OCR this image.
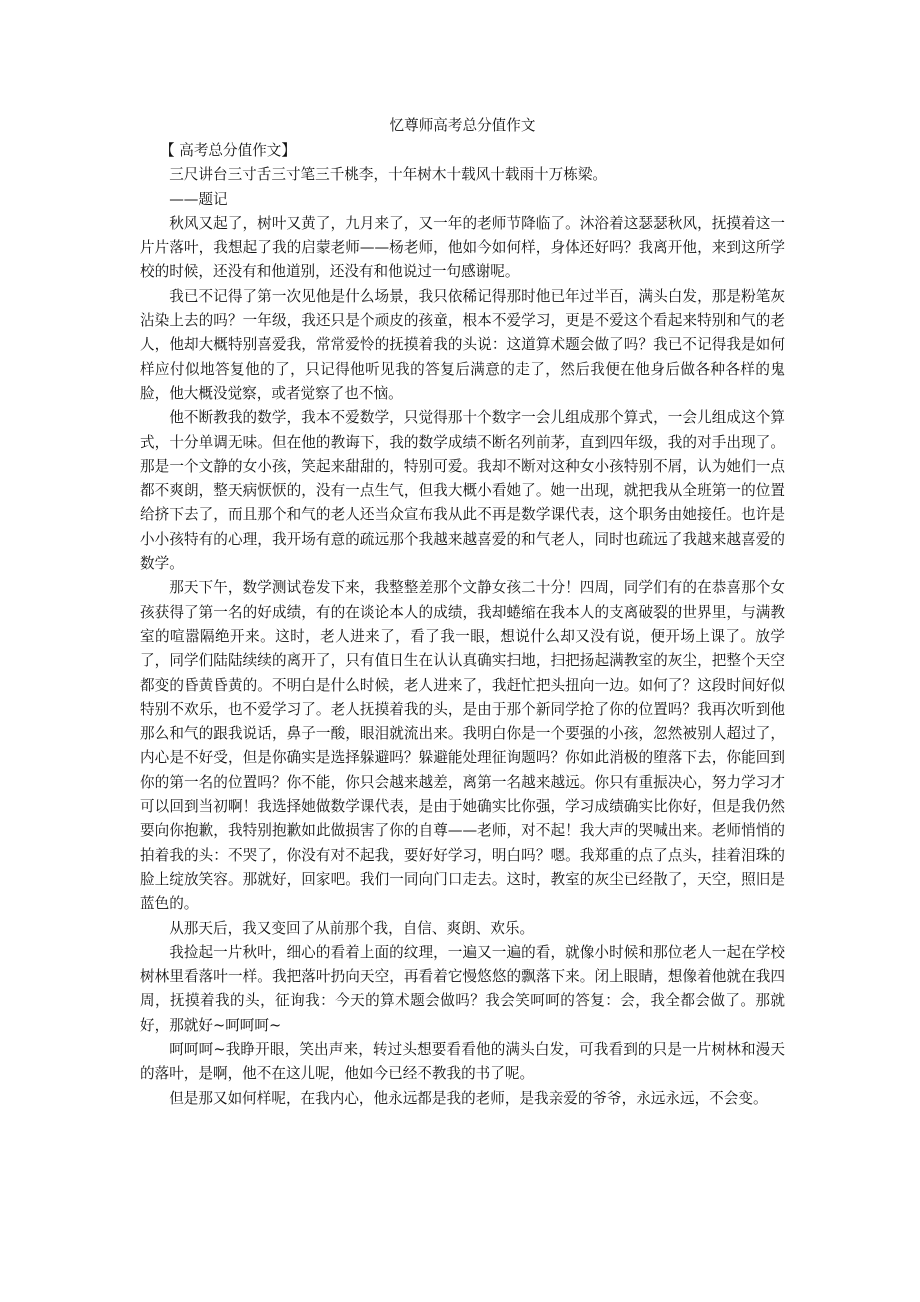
忆尊师高考总分值作文
【 高考总分值作文】
三尺讲台三寸舌三寸笔三千桃李，十年树木十载风十载雨十万栋梁。
——题记

秋风又起了，树叶又黄了，九月来了，又一年的老师节降临了。沐浴着这瑟瑟秋风，抚摸着这一片片落叶，我想起了我的启蒙老师——杨老师，他如今如何样，身体还好吗？我离开他，来到这所学校的时候，还没有和他道别，还没有和他说过一句感谢呢。

我已不记得了第一次见他是什么场景，我只依稀记得那时他已年过半百，满头白发，那是粉笔灰沾染上去的吗？一年级，我还只是个顽皮的孩童，根本不爱学习，更是不爱这个看起来特别和气的老人，他却大概特别喜爱我，常常爱怜的抚摸着我的头说：这道算术题会做了吗？我已不记得我是如何样应付似地答复他的了，只记得他听见我的答复后满意的走了，然后我便在他身后做各种各样的鬼脸，他大概没觉察，或者觉察了也不恼。

他不断教我的数学，我本不爱数学，只觉得那十个数字一会儿组成那个算式，一会儿组成这个算式，十分单调无味。但在他的教诲下，我的数学成绩不断名列前茅，直到四年级，我的对手出现了。那是一个文静的女小孩，笑起来甜甜的，特别可爱。我却不断对这种女小孩特别不屑，认为她们一点都不爽朗，整天病恹恹的，没有一点生气，但我大概小看她了。她一出现，就把我从全班第一的位置给挤下去了，而且那个和气的老人还当众宣布我从此不再是数学课代表，这个职务由她接任。也许是小小孩特有的心理，我开场有意的疏远那个我越来越喜爱的和气老人，同时也疏远了我越来越喜爱的数学。

那天下午，数学测试卷发下来，我整整差那个文静女孩二十分！四周，同学们有的在恭喜那个女孩获得了第一名的好成绩，有的在谈论本人的成绩，我却蜷缩在我本人的支离破裂的世界里，与满教室的喧嚣隔绝开来。这时，老人进来了，看了我一眼，想说什么却又没有说，便开场上课了。放学了，同学们陆陆续续的离开了，只有值日生在认认真确实扫地，扫把扬起满教室的灰尘，把整个天空都变的昏黄昏黄的。不明白是什么时候，老人进来了，我赶忙把头扭向一边。如何了？这段时间好似特别不欢乐，也不爱学习了。老人抚摸着我的头，是由于那个新同学抢了你的位置吗？我再次听到他那么和气的跟我说话，鼻子一酸，眼泪就流出来。我明白你是一个要强的小孩，忽然被别人超过了，内心是不好受，但是你确实是选择躲避吗？躲避能处理征询题吗？你如此消极的堕落下去，你能回到你的第一名的位置吗？你不能，你只会越来越差，离第一名越来越远。你只有重振决心，努力学习才可以回到当初啊！我选择她做数学课代表，是由于她确实比你强，学习成绩确实比你好，但是我仍然要向你抱歉，我特别抱歉如此做损害了你的自尊——老师，对不起！我大声的哭喊出来。老师悄悄的拍着我的头：不哭了，你没有对不起我，要好好学习，明白吗？嗯。我郑重的点了点头，挂着泪珠的脸上绽放笑容。那就好，回家吧。我们一同向门口走去。这时，教室的灰尘已经散了，天空，照旧是蓝色的。

从那天后，我又变回了从前那个我，自信、爽朗、欢乐。

我捡起一片秋叶，细心的看着上面的纹理，一遍又一遍的看，就像小时候和那位老人一起在学校树林里看落叶一样。我把落叶扔向天空，再看着它慢悠悠的飘落下来。闭上眼睛，想像着他就在我四周，抚摸着我的头，征询我：今天的算术题会做吗？我会笑呵呵的答复：会，我全都会做了。那就好，那就好~呵呵呵~

呵呵呵~我睁开眼，笑出声来，转过头想要看看他的满头白发，可我看到的只是一片树林和漫天的落叶，是啊，他不在这儿呢，他如今已经不教我的书了呢。

但是那又如何样呢，在我内心，他永远都是我的老师，是我亲爱的爷爷，永远永远，不会变。
